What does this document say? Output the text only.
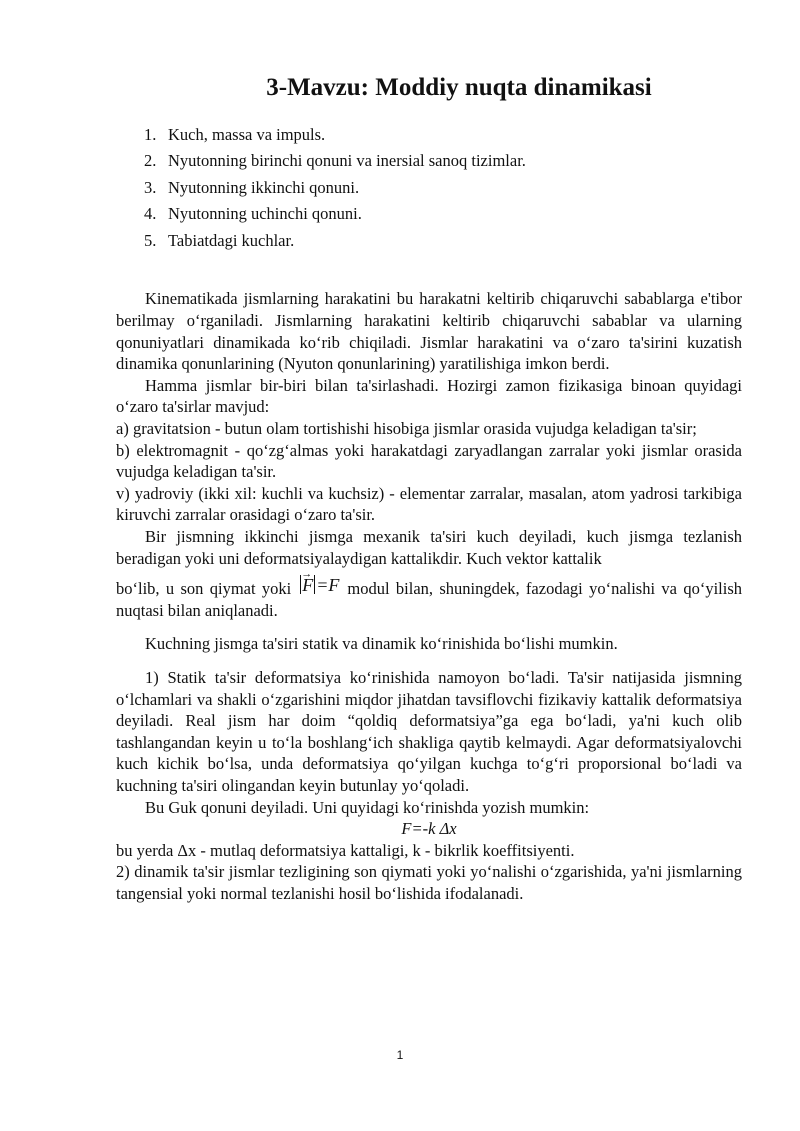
3-Mavzu: Moddiy nuqta dinamikasi
1. Kuch, massa va impuls.
2. Nyutonning birinchi qonuni va inersial sanoq tizimlar.
3. Nyutonning ikkinchi qonuni.
4. Nyutonning uchinchi qonuni.
5. Tabiatdagi kuchlar.

Kinematikada jismlarning harakatini bu harakatni keltirib chiqaruvchi sabablarga e'tibor berilmay o‘rganiladi. Jismlarning harakatini keltirib chiqaruvchi sabablar va ularning qonuniyatlari dinamikada ko‘rib chiqiladi. Jismlar harakatini va o‘zaro ta'sirini kuzatish dinamika qonunlarining (Nyuton qonunlarining) yaratilishiga imkon berdi.

Hamma jismlar bir-biri bilan ta'sirlashadi. Hozirgi zamon fizikasiga binoan quyidagi o‘zaro ta'sirlar mavjud:

a) gravitatsion - butun olam tortishishi hisobiga jismlar orasida vujudga keladigan ta'sir;

b) elektromagnit - qo‘zg‘almas yoki harakatdagi zaryadlangan zarralar yoki jismlar orasida vujudga keladigan ta'sir.

v) yadroviy (ikki xil: kuchli va kuchsiz) - elementar zarralar, masalan, atom yadrosi tarkibiga kiruvchi zarralar orasidagi o‘zaro ta'sir.

Bir jismning ikkinchi jismga mexanik ta'siri kuch deyiladi, kuch jismga tezlanish beradigan yoki uni deformatsiyalaydigan kattalikdir. Kuch vektor kattalik

bo‘lib, u son qiymat yoki→ F =F modul bilan, shuningdek, fazodagi yo‘nalishi va qo‘yilish nuqtasi bilan aniqlanadi.

Kuchning jismga ta'siri statik va dinamik ko‘rinishida bo‘lishi mumkin.

1) Statik ta'sir deformatsiya ko‘rinishida namoyon bo‘ladi. Ta'sir natijasida jismning o‘lchamlari va shakli o‘zgarishini miqdor jihatdan tavsiflovchi fizikaviy kattalik deformatsiya deyiladi. Real jism har doim “qoldiq deformatsiya”ga ega bo‘ladi, ya'ni kuch olib tashlangandan keyin u to‘la boshlang‘ich shakliga qaytib kelmaydi. Agar deformatsiyalovchi kuch kichik bo‘lsa, unda deformatsiya qo‘yilgan kuchga to‘g‘ri proporsional bo‘ladi va kuchning ta'siri olingandan keyin butunlay yo‘qoladi.

Bu Guk qonuni deyiladi. Uni quyidagi ko‘rinishda yozish mumkin:

F=-k Δx

bu yerda Δx - mutlaq deformatsiya kattaligi, k - bikrlik koeffitsiyenti.

2) dinamik ta'sir jismlar tezligining son qiymati yoki yo‘nalishi o‘zgarishida, ya'ni jismlarning tangensial yoki normal tezlanishi hosil bo‘lishida ifodalanadi.

1
